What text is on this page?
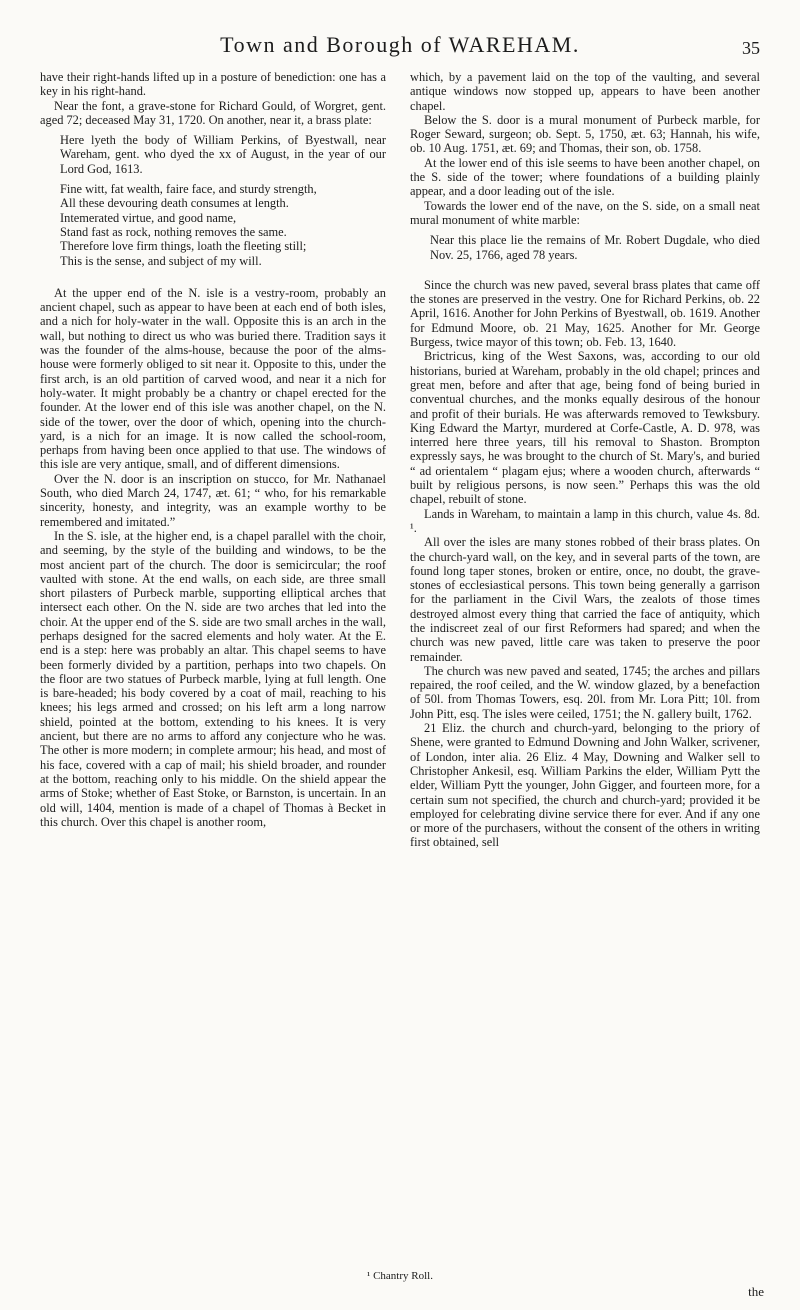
Town and Borough of WAREHAM.	35

have their right-hands lifted up in a posture of benediction: one has a key in his right-hand.

Near the font, a grave-stone for Richard Gould, of Worgret, gent. aged 72; deceased May 31, 1720. On another, near it, a brass plate:

Here lyeth the body of William Perkins, of Byestwall, near Wareham, gent. who dyed the xx of August, in the year of our Lord God, 1613.

Fine witt, fat wealth, faire face, and sturdy strength,
All these devouring death consumes at length.
Intemerated virtue, and good name,
Stand fast as rock, nothing removes the same.
Therefore love firm things, loath the fleeting still;
This is the sense, and subject of my will.

At the upper end of the N. isle is a vestry-room, probably an ancient chapel, such as appear to have been at each end of both isles, and a nich for holy-water in the wall. Opposite this is an arch in the wall, but nothing to direct us who was buried there. Tradition says it was the founder of the alms-house, because the poor of the alms-house were formerly obliged to sit near it. Opposite to this, under the first arch, is an old partition of carved wood, and near it a nich for holy-water. It might probably be a chantry or chapel erected for the founder. At the lower end of this isle was another chapel, on the N. side of the tower, over the door of which, opening into the church-yard, is a nich for an image. It is now called the school-room, perhaps from having been once applied to that use. The windows of this isle are very antique, small, and of different dimensions.

Over the N. door is an inscription on stucco, for Mr. Nathanael South, who died March 24, 1747, æt. 61; “ who, for his remarkable sincerity, honesty, and integrity, was an example worthy to be remembered and imitated.”

In the S. isle, at the higher end, is a chapel parallel with the choir, and seeming, by the style of the building and windows, to be the most ancient part of the church. The door is semicircular; the roof vaulted with stone. At the end walls, on each side, are three small short pilasters of Purbeck marble, supporting elliptical arches that intersect each other. On the N. side are two arches that led into the choir. At the upper end of the S. side are two small arches in the wall, perhaps designed for the sacred elements and holy water. At the E. end is a step: here was probably an altar. This chapel seems to have been formerly divided by a partition, perhaps into two chapels. On the floor are two statues of Purbeck marble, lying at full length. One is bare-headed; his body covered by a coat of mail, reaching to his knees; his legs armed and crossed; on his left arm a long narrow shield, pointed at the bottom, extending to his knees. It is very ancient, but there are no arms to afford any conjecture who he was. The other is more modern; in complete armour; his head, and most of his face, covered with a cap of mail; his shield broader, and rounder at the bottom, reaching only to his middle. On the shield appear the arms of Stoke; whether of East Stoke, or Barnston, is uncertain. In an old will, 1404, mention is made of a chapel of Thomas à Becket in this church. Over this chapel is another room,

which, by a pavement laid on the top of the vaulting, and several antique windows now stopped up, appears to have been another chapel.

Below the S. door is a mural monument of Purbeck marble, for Roger Seward, surgeon; ob. Sept. 5, 1750, æt. 63; Hannah, his wife, ob. 10 Aug. 1751, æt. 69; and Thomas, their son, ob. 1758.

At the lower end of this isle seems to have been another chapel, on the S. side of the tower; where foundations of a building plainly appear, and a door leading out of the isle.

Towards the lower end of the nave, on the S. side, on a small neat mural monument of white marble:

Near this place lie the remains of Mr. Robert Dugdale, who died Nov. 25, 1766, aged 78 years.

Since the church was new paved, several brass plates that came off the stones are preserved in the vestry. One for Richard Perkins, ob. 22 April, 1616. Another for John Perkins of Byestwall, ob. 1619. Another for Edmund Moore, ob. 21 May, 1625. Another for Mr. George Burgess, twice mayor of this town; ob. Feb. 13, 1640.

Brictricus, king of the West Saxons, was, according to our old historians, buried at Wareham, probably in the old chapel; princes and great men, before and after that age, being fond of being buried in conventual churches, and the monks equally desirous of the honour and profit of their burials. He was afterwards removed to Tewksbury. King Edward the Martyr, murdered at Corfe-Castle, A. D. 978, was interred here three years, till his removal to Shaston. Brompton expressly says, he was brought to the church of St. Mary's, and buried “ ad orientalem “ plagam ejus; where a wooden church, afterwards “ built by religious persons, is now seen.” Perhaps this was the old chapel, rebuilt of stone.

Lands in Wareham, to maintain a lamp in this church, value 4s. 8d. ¹.

All over the isles are many stones robbed of their brass plates. On the church-yard wall, on the key, and in several parts of the town, are found long taper stones, broken or entire, once, no doubt, the grave-stones of ecclesiastical persons. This town being generally a garrison for the parliament in the Civil Wars, the zealots of those times destroyed almost every thing that carried the face of antiquity, which the indiscreet zeal of our first Reformers had spared; and when the church was new paved, little care was taken to preserve the poor remainder.

The church was new paved and seated, 1745; the arches and pillars repaired, the roof ceiled, and the W. window glazed, by a benefaction of 50l. from Thomas Towers, esq. 20l. from Mr. Lora Pitt; 10l. from John Pitt, esq. The isles were ceiled, 1751; the N. gallery built, 1762.

21 Eliz. the church and church-yard, belonging to the priory of Shene, were granted to Edmund Downing and John Walker, scrivener, of London, inter alia. 26 Eliz. 4 May, Downing and Walker sell to Christopher Ankesil, esq. William Parkins the elder, William Pytt the elder, William Pytt the younger, John Gigger, and fourteen more, for a certain sum not specified, the church and church-yard; provided it be employed for celebrating divine service there for ever. And if any one or more of the purchasers, without the consent of the others in writing first obtained, sell

¹ Chantry Roll.
the
